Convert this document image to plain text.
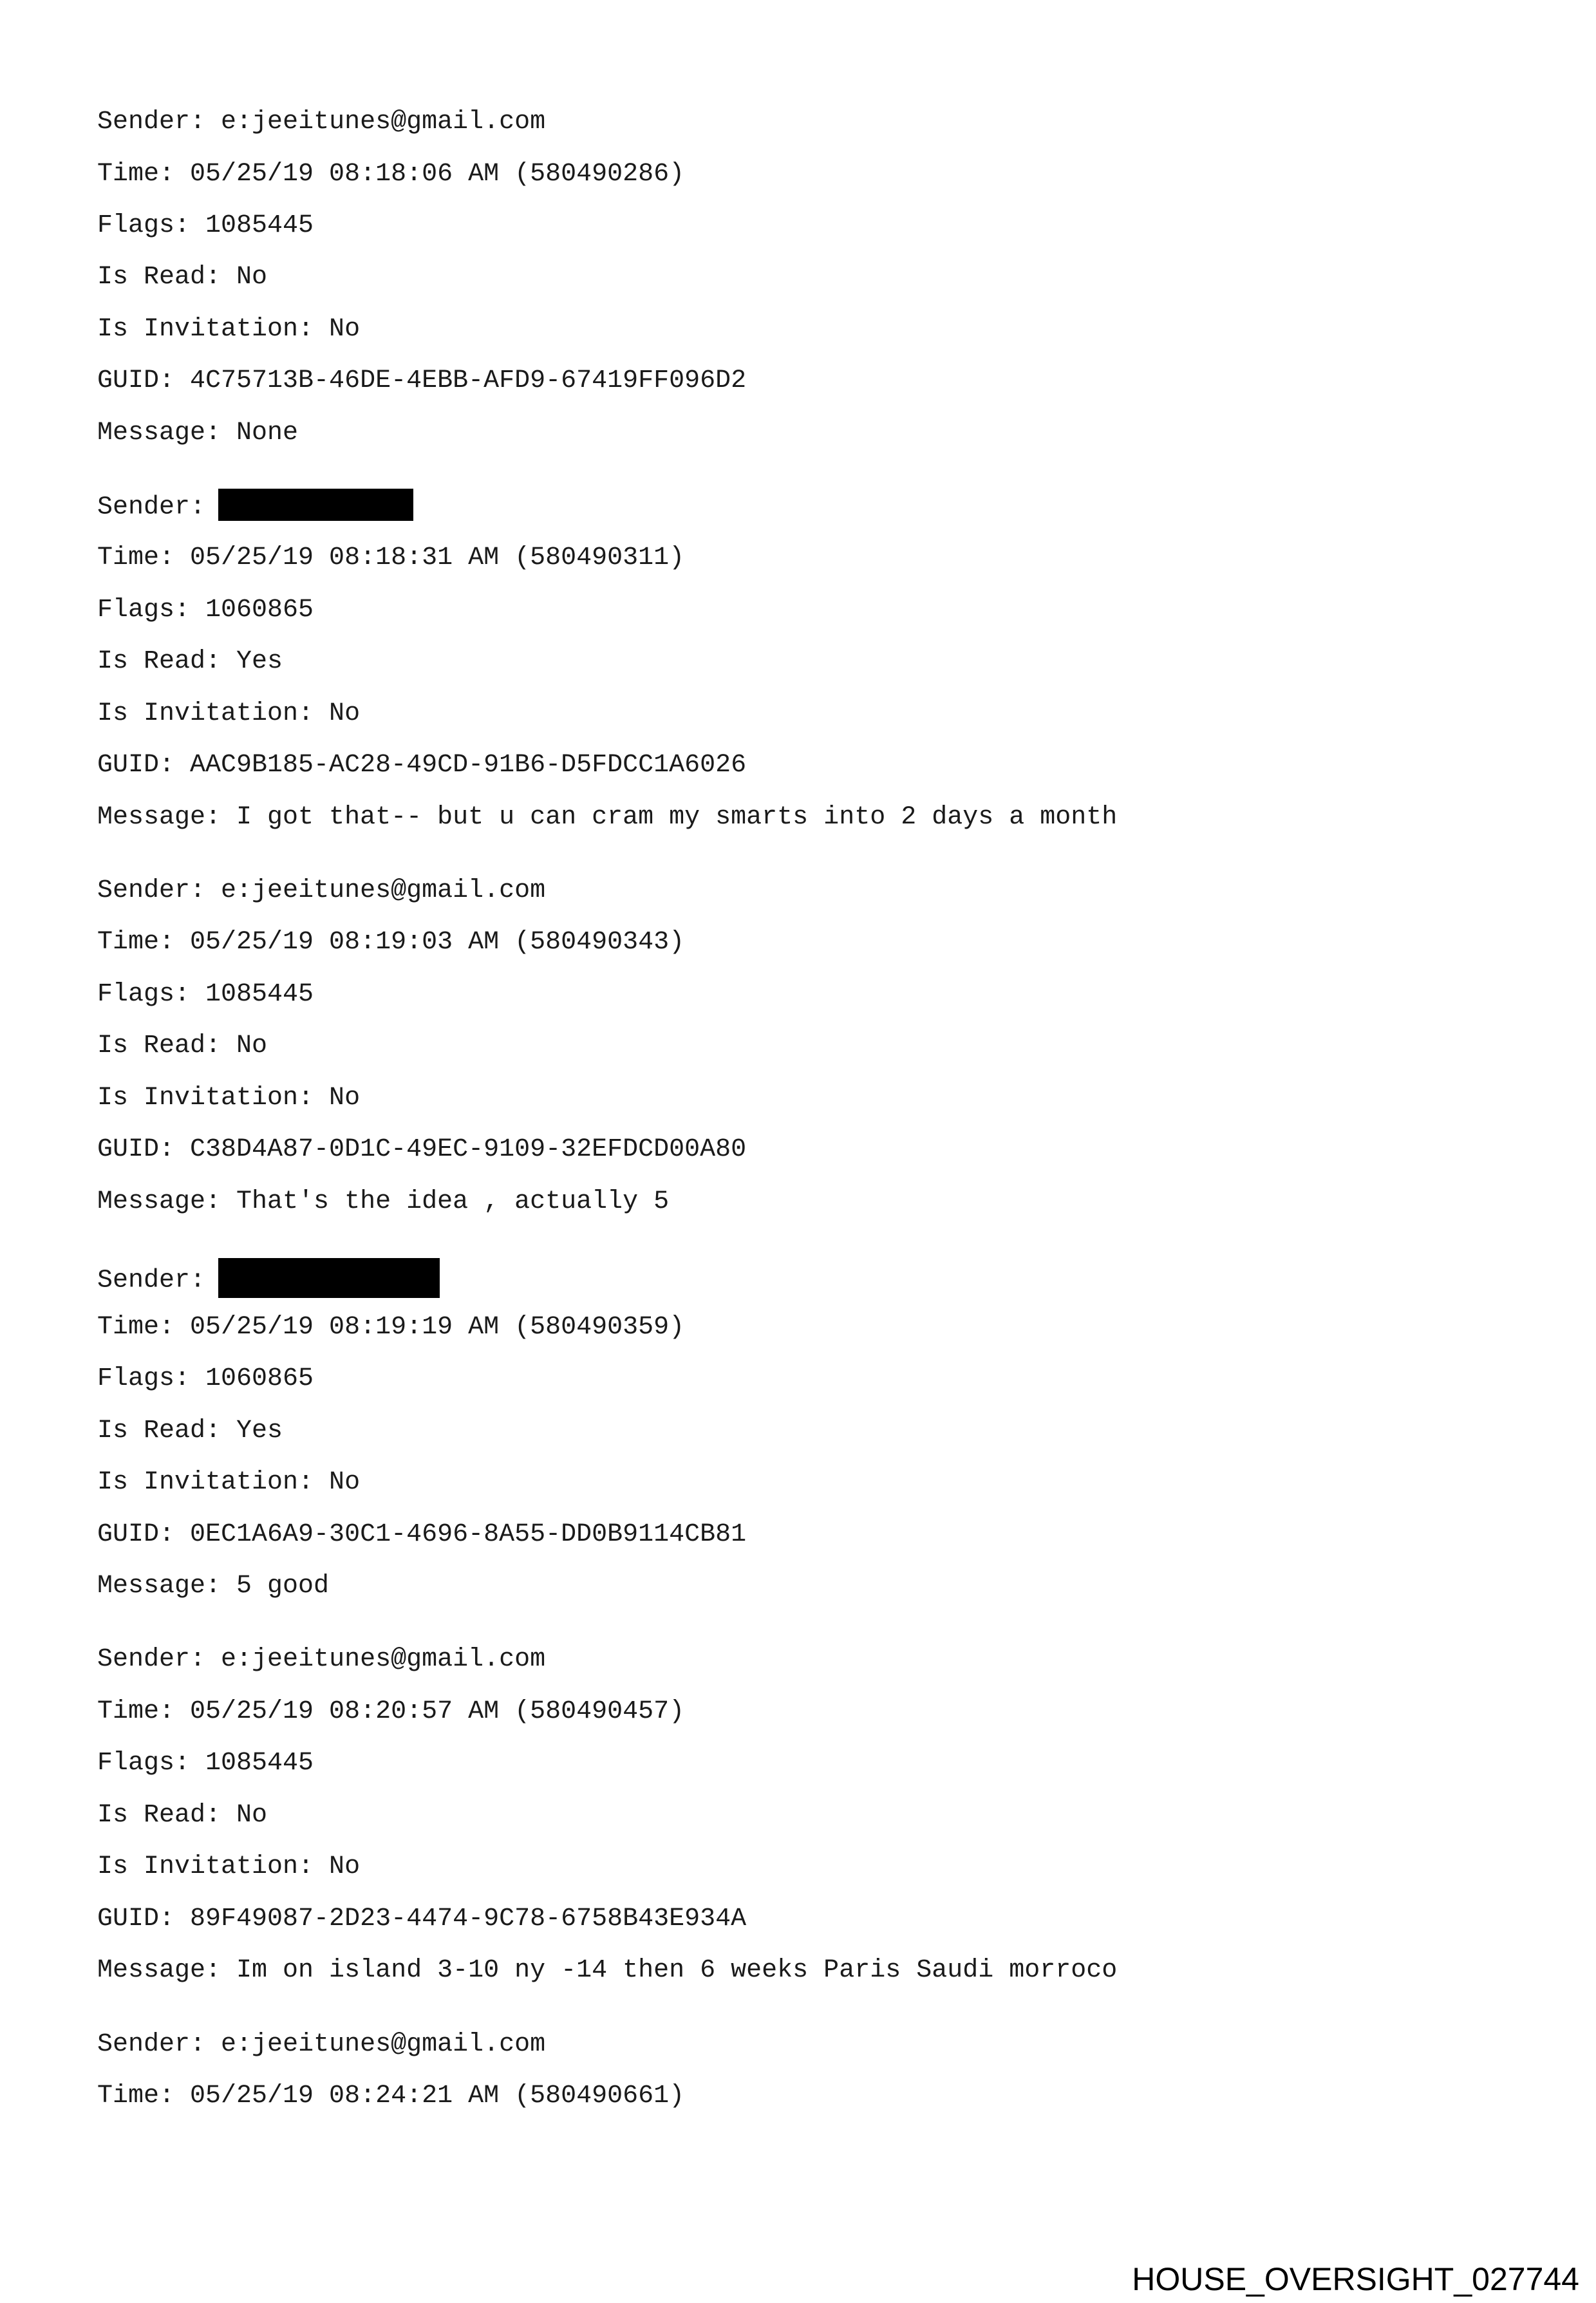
Sender: e:jeeitunes@gmail.com
Time: 05/25/19 08:18:06 AM (580490286)
Flags: 1085445
Is Read: No
Is Invitation: No
GUID: 4C75713B-46DE-4EBB-AFD9-67419FF096D2
Message: None
Sender:
Time: 05/25/19 08:18:31 AM (580490311)
Flags: 1060865
Is Read: Yes
Is Invitation: No
GUID: AAC9B185-AC28-49CD-91B6-D5FDCC1A6026
Message: I got that-- but u can cram my smarts into 2 days a month
Sender: e:jeeitunes@gmail.com
Time: 05/25/19 08:19:03 AM (580490343)
Flags: 1085445
Is Read: No
Is Invitation: No
GUID: C38D4A87-0D1C-49EC-9109-32EFDCD00A80
Message: That's the idea , actually 5
Sender:
Time: 05/25/19 08:19:19 AM (580490359)
Flags: 1060865
Is Read: Yes
Is Invitation: No
GUID: 0EC1A6A9-30C1-4696-8A55-DD0B9114CB81
Message: 5 good
Sender: e:jeeitunes@gmail.com
Time: 05/25/19 08:20:57 AM (580490457)
Flags: 1085445
Is Read: No
Is Invitation: No
GUID: 89F49087-2D23-4474-9C78-6758B43E934A
Message: Im on island 3-10 ny -14 then 6 weeks Paris Saudi morroco
Sender: e:jeeitunes@gmail.com
Time: 05/25/19 08:24:21 AM (580490661)
HOUSE_OVERSIGHT_027744
